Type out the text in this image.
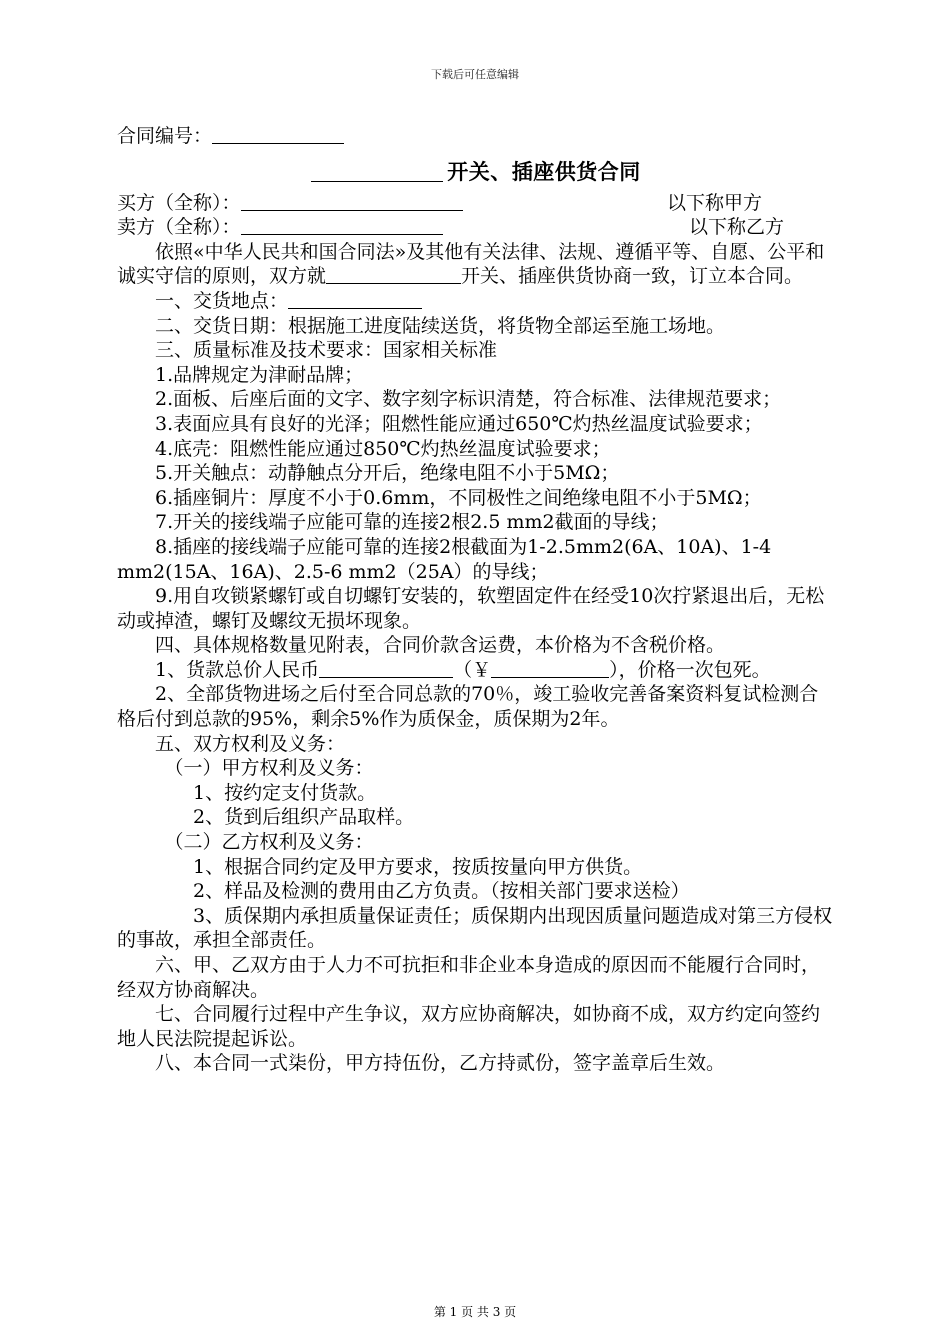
下载后可任意编辑
合同编号：
开关、插座供货合同
买方（全称）：	以下称甲方
卖方（全称）：	以下称乙方
依照«中华人民共和国合同法»及其他有关法律、法规、遵循平等、自愿、公平和诚实守信的原则，双方就	开关、插座供货协商一致，订立本合同。
一、交货地点：
二、交货日期：根据施工进度陆续送货，将货物全部运至施工场地。
三、质量标准及技术要求：国家相关标准
1.品牌规定为津耐品牌；
2.面板、后座后面的文字、数字刻字标识清楚，符合标准、法律规范要求；
3.表面应具有良好的光泽；阻燃性能应通过650℃灼热丝温度试验要求；
4.底壳：阻燃性能应通过850℃灼热丝温度试验要求；
5.开关触点：动静触点分开后，绝缘电阻不小于5MΩ；
6.插座铜片：厚度不小于0.6mm，不同极性之间绝缘电阻不小于5MΩ；
7.开关的接线端子应能可靠的连接2根2.5 mm2截面的导线；
8.插座的接线端子应能可靠的连接2根截面为1-2.5mm2(6A、10A)、1-4 mm2(15A、16A)、2.5-6 mm2（25A）的导线；
9.用自攻锁紧螺钉或自切螺钉安装的，软塑固定件在经受10次拧紧退出后，无松动或掉渣，螺钉及螺纹无损坏现象。
四、具体规格数量见附表，合同价款含运费，本价格为不含税价格。
1、货款总价人民币	（￥	），价格一次包死。
2、全部货物进场之后付至合同总款的70％，竣工验收完善备案资料复试检测合格后付到总款的95%，剩余5%作为质保金，质保期为2年。
五、双方权利及义务：
（一）甲方权利及义务：
1、按约定支付货款。
2、货到后组织产品取样。
（二）乙方权利及义务：
1、根据合同约定及甲方要求，按质按量向甲方供货。
2、样品及检测的费用由乙方负责。（按相关部门要求送检）
3、质保期内承担质量保证责任；质保期内出现因质量问题造成对第三方侵权的事故，承担全部责任。
六、甲、乙双方由于人力不可抗拒和非企业本身造成的原因而不能履行合同时，经双方协商解决。
七、合同履行过程中产生争议，双方应协商解决，如协商不成，双方约定向签约地人民法院提起诉讼。
八、本合同一式柒份，甲方持伍份，乙方持贰份，签字盖章后生效。
第 1 页 共 3 页
